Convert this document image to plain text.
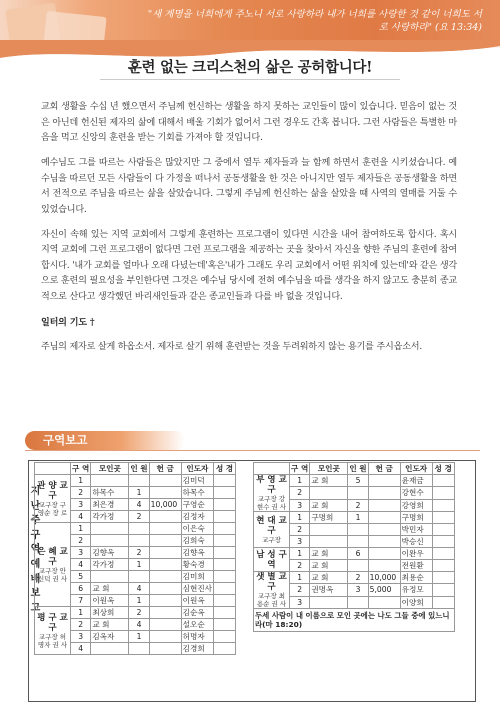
"새 계명을 너희에게 주노니 서로 사랑하라 내가 너희를 사랑한 것 같이 너희도 서로 사랑하라" (요 13:34)
훈련 없는 크리스천의 삶은 공허합니다!

교회 생활을 수십 년 했으면서 주님께 헌신하는 생활을 하지 못하는 교인들이 많이 있습니다. 믿음이 없는 것은 아닌데 헌신된 제자의 삶에 대해서 배울 기회가 없어서 그런 경우도 간혹 봅니다. 그런 사람들은 특별한 마음을 먹고 신앙의 훈련을 받는 기회를 가져야 할 것입니다.

예수님도 그를 따르는 사람들은 많았지만 그 중에서 열두 제자들과 늘 함께 하면서 훈련을 시키셨습니다. 예수님을 따르던 모든 사람들이 다 가정을 떠나서 공동생활을 한 것은 아니지만 열두 제자들은 공동생활을 하면서 전적으로 주님을 따르는 삶을 살았습니다. 그렇게 주님께 헌신하는 삶을 살았을 때 사역의 열매를 거둘 수 있었습니다.

자신이 속해 있는 지역 교회에서 그렇게 훈련하는 프로그램이 있다면 시간을 내어 참여하도록 합시다. 혹시 지역 교회에 그런 프로그램이 없다면 그런 프로그램을 제공하는 곳을 찾아서 자신을 향한 주님의 훈련에 참여합시다. '내가 교회를 얼마나 오래 다녔는데'혹은'내가 그래도 우리 교회에서 어떤 위치에 있는데'와 같은 생각으로 훈련의 필요성을 부인한다면 그것은 예수님 당시에 전혀 예수님을 따를 생각을 하지 않고도 충분히 종교적으로 산다고 생각했던 바리새인들과 같은 종교인들과 다를 바 없을 것입니다.

일터의 기도 †

주님의 제자로 살게 하옵소서. 제자로 살기 위해 훈련받는 것을 두려워하지 않는 용기를 주시옵소서.

구역보고
지난주구역예배보고
	구 역	모인곳	인 원	헌 금	인도자	성 경
관 양 교 구
교구장 구영순 장 로	1				김미덕	
	2	하목수	1		하목수	
	3	최은경	4	10,000	구영순	
	4	각가정	2		김정자	
은 혜 교 구
교구장 안신덕 권 사	1				이은숙	
	2				김희숙	
	3	김향옥	2		김향옥	
	4	각가정	1		황숙경	
	5				김미희	
	6	교 회	4		심현진사	
	7	이원옥	1		이원옥	
평 구 교 구
교구장 허명자 권 사	1	최상희	2		김순옥	
	2	교 회	4		설오순	
	3	김옥자	1		허명자	
	4				김경희	
	구 역	모인곳	인 원	헌 금	인도자	성 경
부 영 교 구
교구장 강현수 권 사	1	교 회	5		윤재금	
	2				강현수	
	3	교 회	2		강영희	
현 대 교 구
교구장	1	구명희	1		구명희	
	2				박민자	
	3				박승신	
남 성 구 역	1	교 회	6		이완우	
	2	교 회			전원환	
샛 별 교 구
교구장 최용순 권 사	1	교 회	2	10,000	최용순	
	2	권명옥	3	5,000	유정모	
	3				이양희	
두세 사람이 내 이름으로 모인 곳에는 나도 그들 중에 있느니라(마 18:20)						
